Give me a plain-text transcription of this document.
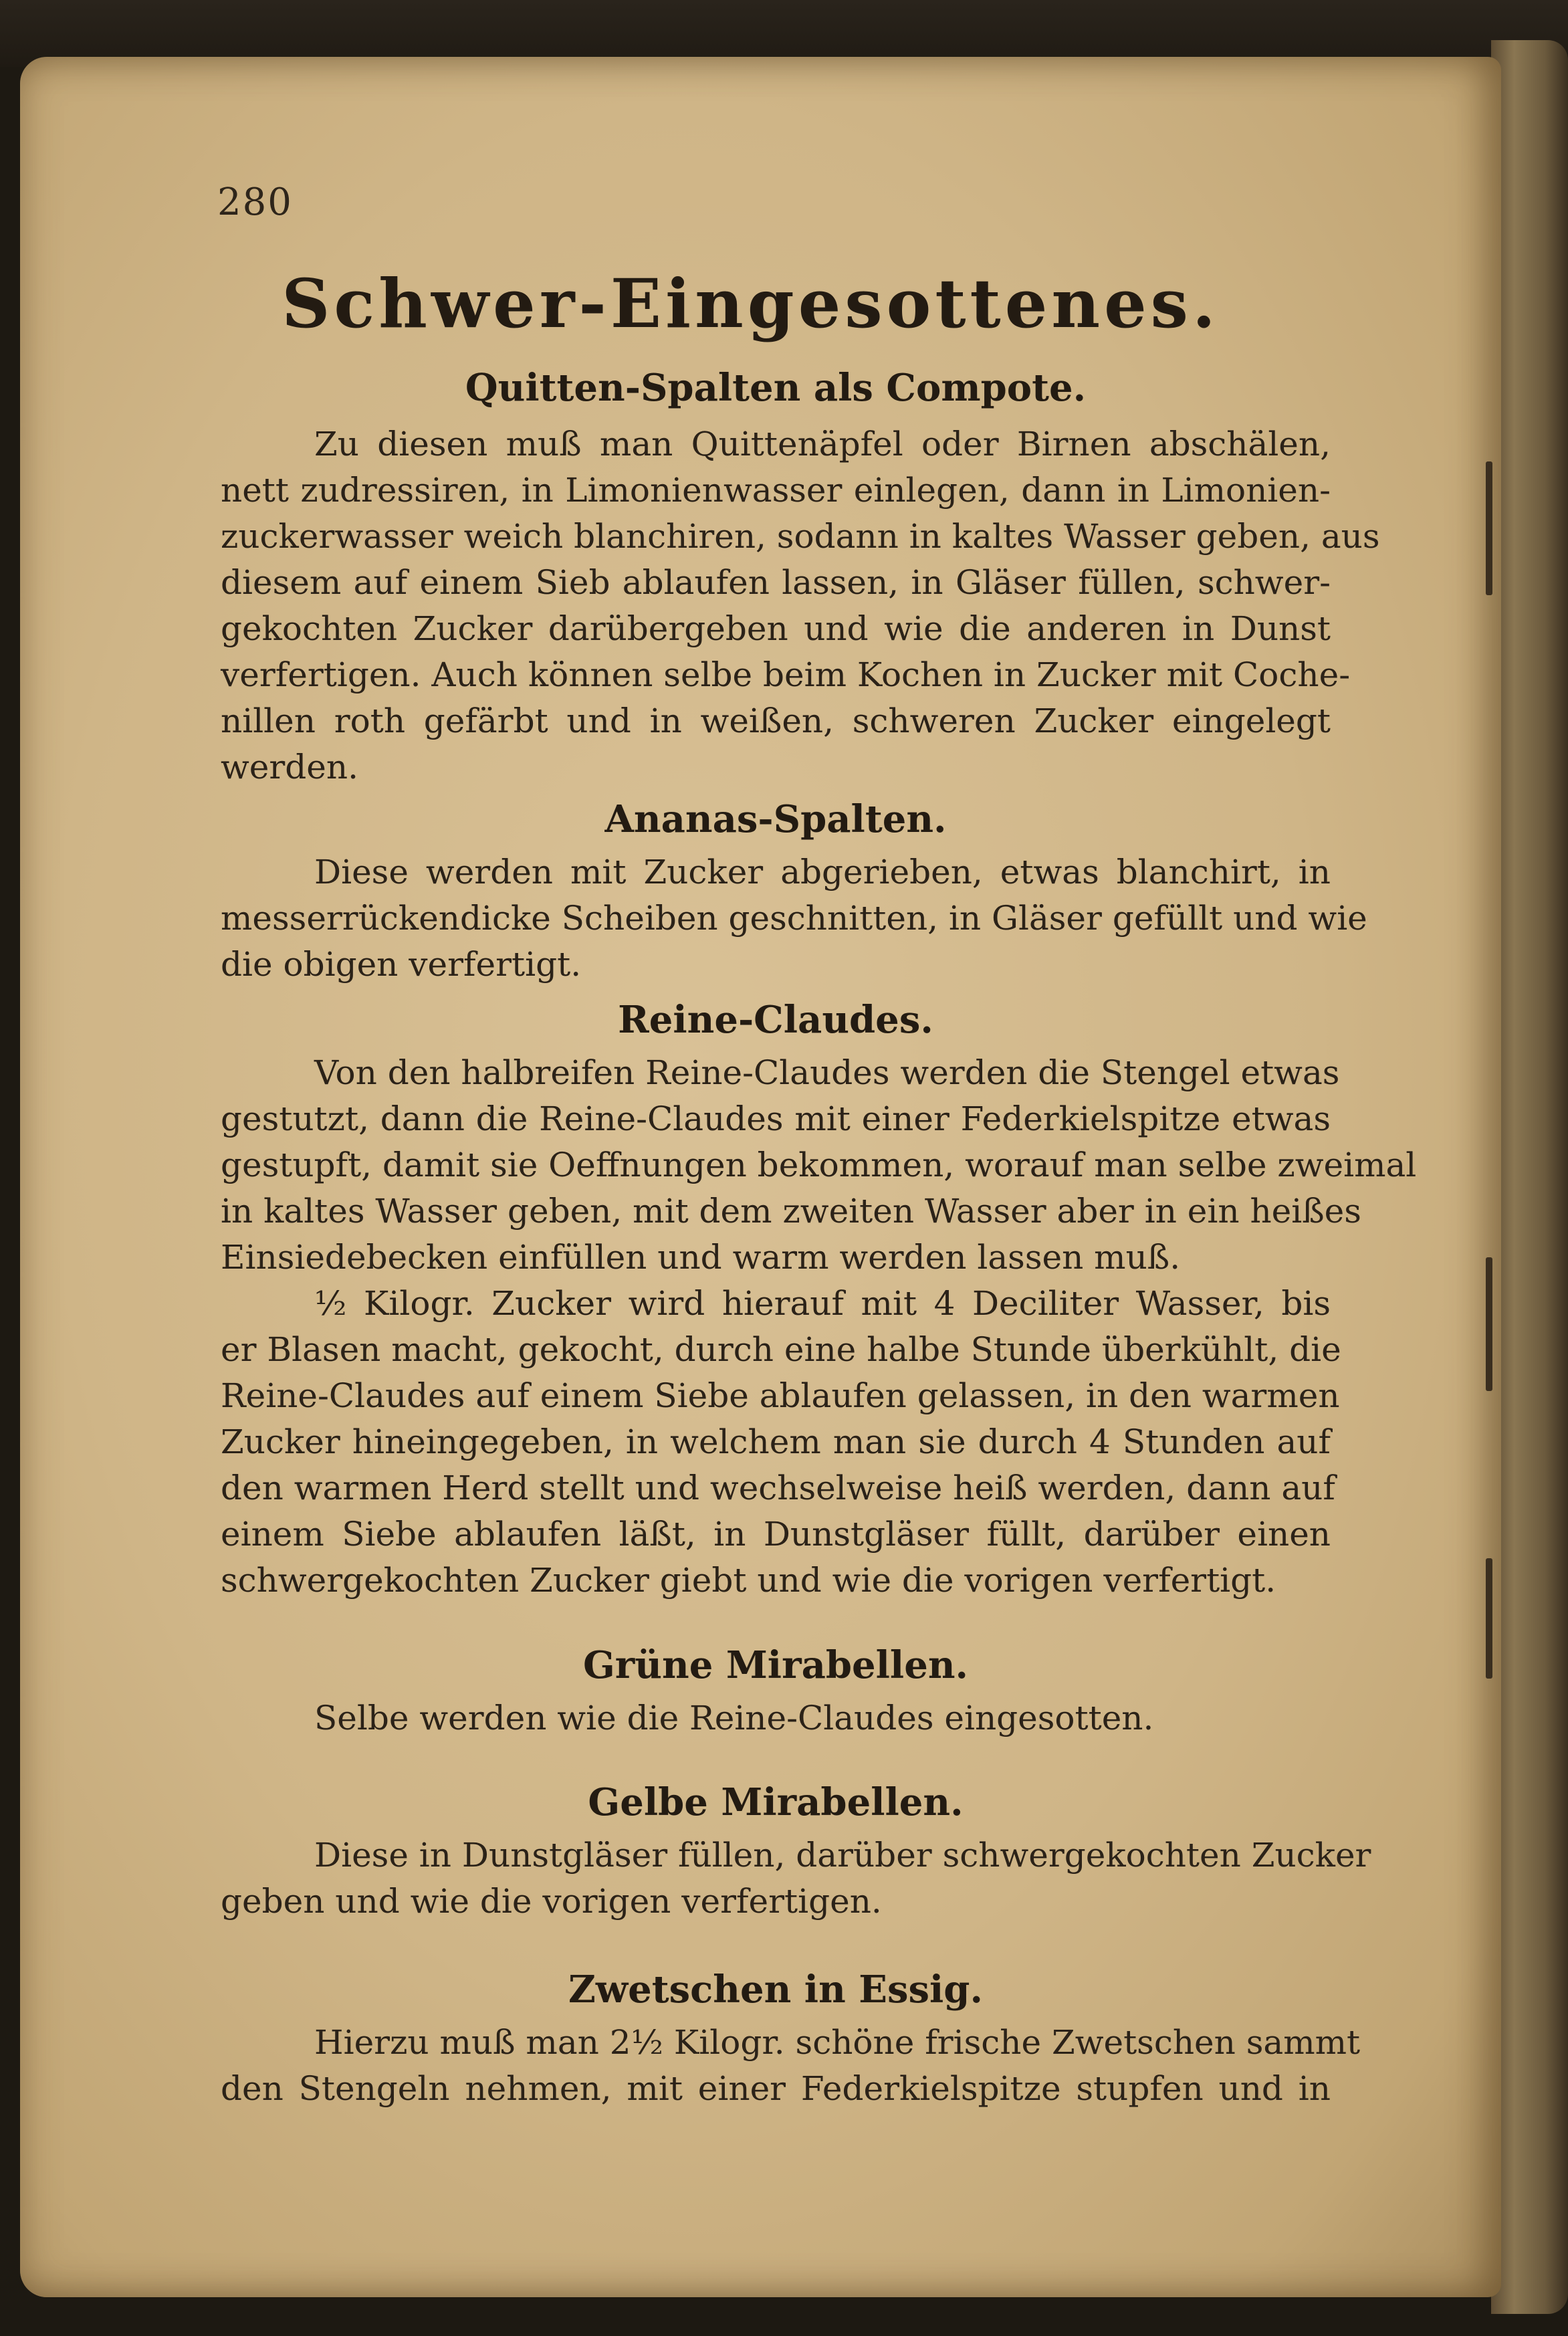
280
Schwer-Eingesottenes.
Quitten-Spalten als Compote.
Zu diesen muß man Quittenäpfel oder Birnen abschälen,
nett zudressiren, in Limonienwasser einlegen, dann in Limonien-
zuckerwasser weich blanchiren, sodann in kaltes Wasser geben, aus
diesem auf einem Sieb ablaufen lassen, in Gläser füllen, schwer-
gekochten Zucker darübergeben und wie die anderen in Dunst
verfertigen. Auch können selbe beim Kochen in Zucker mit Coche-
nillen roth gefärbt und in weißen, schweren Zucker eingelegt
werden.
Ananas-Spalten.
Diese werden mit Zucker abgerieben, etwas blanchirt, in
messerrückendicke Scheiben geschnitten, in Gläser gefüllt und wie
die obigen verfertigt.
Reine-Claudes.
Von den halbreifen Reine-Claudes werden die Stengel etwas
gestutzt, dann die Reine-Claudes mit einer Federkielspitze etwas
gestupft, damit sie Oeffnungen bekommen, worauf man selbe zweimal
in kaltes Wasser geben, mit dem zweiten Wasser aber in ein heißes
Einsiedebecken einfüllen und warm werden lassen muß.
½ Kilogr. Zucker wird hierauf mit 4 Deciliter Wasser, bis
er Blasen macht, gekocht, durch eine halbe Stunde überkühlt, die
Reine-Claudes auf einem Siebe ablaufen gelassen, in den warmen
Zucker hineingegeben, in welchem man sie durch 4 Stunden auf
den warmen Herd stellt und wechselweise heiß werden, dann auf
einem Siebe ablaufen läßt, in Dunstgläser füllt, darüber einen
schwergekochten Zucker giebt und wie die vorigen verfertigt.
Grüne Mirabellen.
Selbe werden wie die Reine-Claudes eingesotten.
Gelbe Mirabellen.
Diese in Dunstgläser füllen, darüber schwergekochten Zucker
geben und wie die vorigen verfertigen.
Zwetschen in Essig.
Hierzu muß man 2½ Kilogr. schöne frische Zwetschen sammt
den Stengeln nehmen, mit einer Federkielspitze stupfen und in
